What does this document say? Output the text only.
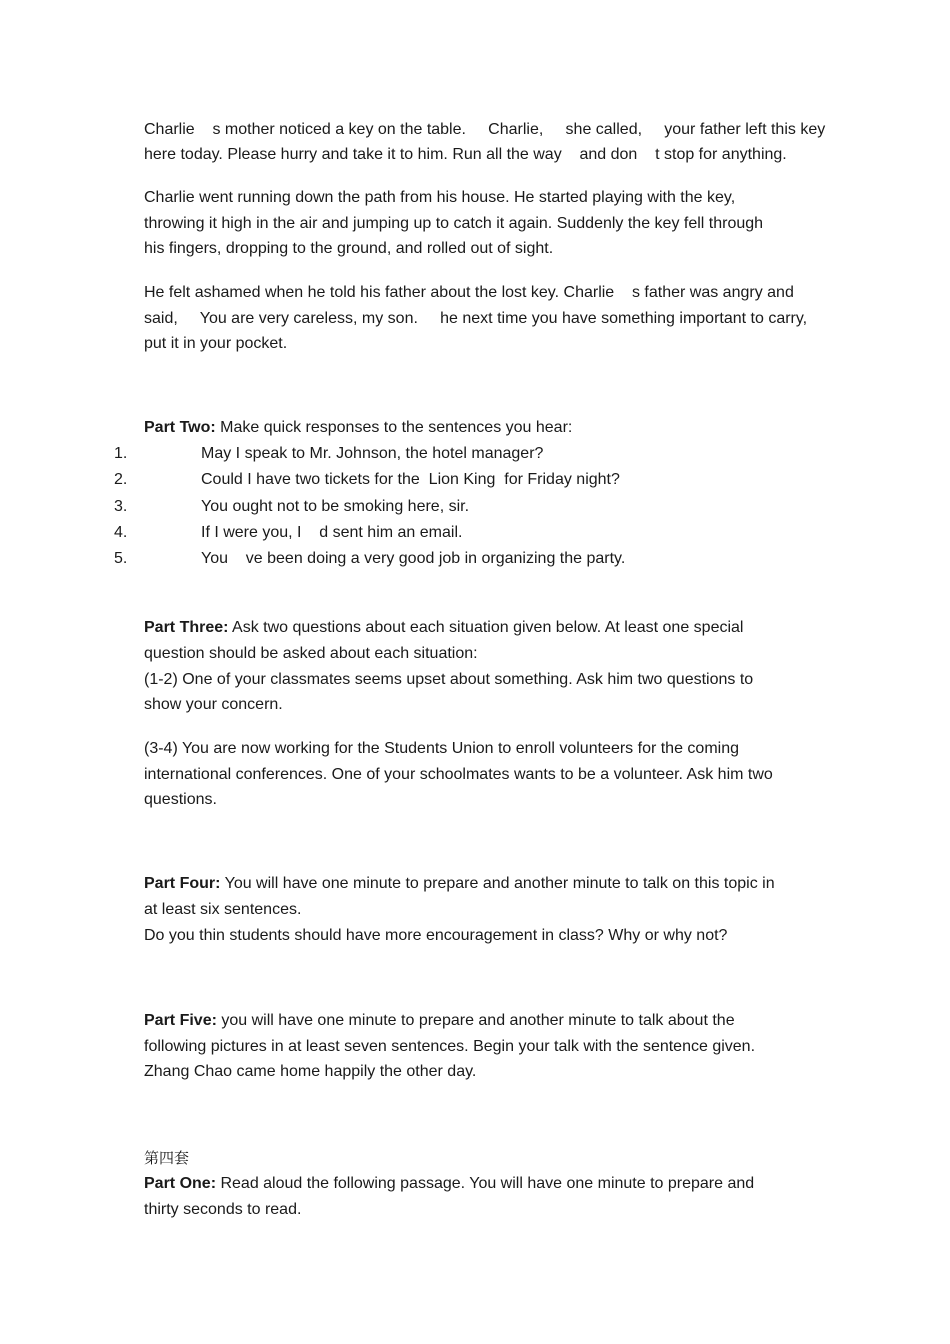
Charlie    s mother noticed a key on the table.     Charlie,     she called,     your father left this key
here today. Please hurry and take it to him. Run all the way    and don    t stop for anything.
Charlie went running down the path from his house. He started playing with the key,
throwing it high in the air and jumping up to catch it again. Suddenly the key fell through
his fingers, dropping to the ground, and rolled out of sight.
He felt ashamed when he told his father about the lost key. Charlie    s father was angry and
said,     You are very careless, my son.     he next time you have something important to carry,
put it in your pocket.
Part Two: Make quick responses to the sentences you hear:
1.	May I speak to Mr. Johnson, the hotel manager?
2.	Could I have two tickets for the  Lion King  for Friday night?
3.	You ought not to be smoking here, sir.
4.	If I were you, I    d sent him an email.
5.	You    ve been doing a very good job in organizing the party.
Part Three: Ask two questions about each situation given below. At least one special
question should be asked about each situation:
(1-2) One of your classmates seems upset about something. Ask him two questions to
show your concern.
(3-4) You are now working for the Students Union to enroll volunteers for the coming
international conferences. One of your schoolmates wants to be a volunteer. Ask him two
questions.
Part Four: You will have one minute to prepare and another minute to talk on this topic in
at least six sentences.
Do you thin students should have more encouragement in class? Why or why not?
Part Five: you will have one minute to prepare and another minute to talk about the
following pictures in at least seven sentences. Begin your talk with the sentence given.
Zhang Chao came home happily the other day.
第四套
Part One: Read aloud the following passage. You will have one minute to prepare and
thirty seconds to read.
